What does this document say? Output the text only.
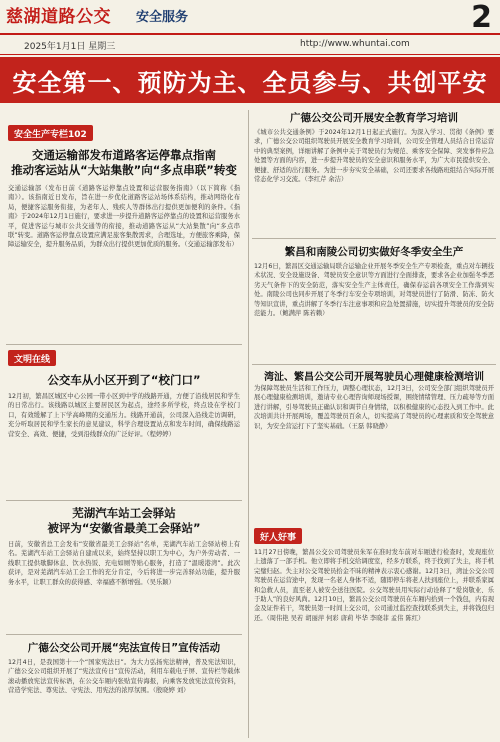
慈湖道路公交 安全服务	2
2025年1月1日 星期三	http://www.whuntai.com
安全第一、预防为主、全员参与、共创平安
安全生产专栏102
交通运输部发布道路客运停靠点指南
推动客运站从“大站集散”向“多点串联”转变
交通运输部（发布日前《道路客运停靠点设置和运营服务指南》（以下简称《指南》）。该指南近日发布，旨在进一步优化道路客运站场体系结构，推动网络化布局，便捷客运服务衔接，为老年人、残疾人等群体出行提供更加便利的条件。《指南》于2024年12月1日施行，要求进一步提升道路客运停靠点的设置和运营服务水平，促进客运与城市公共交通等的衔接，推动道路客运从“大站集散”向“多点串联”转变。道路客运停靠点设置应满足旅客集散需求，合理选址，方便旅客乘降，保障运输安全，提升服务品质，为群众出行提供更加优质的服务。（交通运输部发布）
文明在线
公交车从小区开到了“校门口”
12月初，繁昌区城区中心公园一带小区到中学的线路开通，方便了沿线居民和学生的日常出行。该线路以城区主要居民区为起点，途经多所学校，终点设在学校门口，有效缓解了上下学高峰期的交通压力。线路开通前，公司深入沿线走访调研，充分听取居民和学生家长的意见建议，科学合理设置站点和发车时间，确保线路运营安全、高效、便捷，受到沿线群众的广泛好评。（程婷婷）
芜湖汽车站工会驿站
被评为“安徽省最美工会驿站”
日前，安徽省总工会发布“安徽省最美工会驿站”名单，芜湖汽车站工会驿站榜上有名。芜湖汽车站工会驿站自建成以来，始终坚持以职工为中心，为户外劳动者、一线职工提供歇脚休息、饮水热饭、充电如厕等贴心服务，打造了“温暖港湾”。此次获评，是对芜湖汽车站工会工作的充分肯定，今后将进一步完善驿站功能，提升服务水平，让职工群众的获得感、幸福感不断增强。（吴乐颖）
广德公交公司开展“宪法宣传日”宣传活动
12月4日，是我国第十一个“国家宪法日”。为大力弘扬宪法精神，普及宪法知识，广德公交公司组织开展了“宪法宣传日”宣传活动，利用车载电子屏、宣传栏等载体滚动播放宪法宣传标语，在公交车厢内张贴宣传海报，向乘客发放宪法宣传资料，营造学宪法、尊宪法、守宪法、用宪法的浓厚氛围。（殷晓婷 刘）
广德公交公司开展安全教育学习培训
《城市公共交通条例》于2024年12月1日起正式施行。为深入学习、贯彻《条例》要求，广德公交公司组织驾驶员开展安全教育学习培训，公司安全管理人员结合日常运营中的典型案例，详细讲解了条例中关于驾驶员行为规范、乘客安全保障、突发事件应急处置等方面的内容，进一步提升驾驶员的安全意识和服务水平，为广大市民提供安全、便捷、舒适的出行服务。为进一步夯实安全基础，公司还要求各线路班组结合实际开展常态化学习交流。（李红芹 余洁）
繁昌和南陵公司切实做好冬季安全生产
12月6日，繁昌区交通运输局联合运输企业开展冬季安全生产专项检查，重点对车辆技术状况、安全设施设备、驾驶员安全意识等方面进行全面排查，要求各企业加强冬季恶劣天气条件下的安全防范，落实安全生产主体责任，确保春运前各项安全工作落到实处。南陵公司也同步开展了冬季行车安全专项培训，对驾驶员进行了防滑、防冻、防火等知识宣讲，重点讲解了冬季行车注意事项和应急处置措施，切实提升驾驶员的安全防范能力。（鲍满萍 陈若赖）
湾沚、繁昌公交公司开展驾驶员心理健康检测培训
为保障驾驶员生活和工作压力，调整心理状态，12月3日，公司安全部门组织驾驶员开展心理健康检测培训，邀请专业心理咨询师现场授课，围绕情绪管理、压力疏导等方面进行讲解，引导驾驶员正确认识和调节自身情绪，以积极健康的心态投入到工作中。此次培训共计开展两场，覆盖驾驶员百余人，切实提高了驾驶员的心理素质和安全驾驶意识，为安全营运打下了坚实基础。（王磊 韩晓静）
好人好事
11月27日傍晚，繁昌公交公司驾驶员朱军在准时发车前对车厢进行检查时，发现座位上遗落了一部手机。他立即将手机交给调度室，经多方联系，终于找到了失主，将手机完璧归赵。失主对公交驾驶员拾金不昧的精神表示衷心感谢。12月3日，湾沚公交公司驾驶员在运营途中，发现一名老人身体不适，随即停车将老人扶到座位上，并联系家属和急救人员，直至老人被安全送往医院。公交驾驶员用实际行动诠释了“爱岗敬业、乐于助人”的良好风尚。12月10日，繁昌公交公司驾驶员在车厢内拾到一个钱包，内有现金及证件若干，驾驶员第一时间上交公司，公司通过监控查找联系到失主，并将钱包归还。（周伟艳 吴若 胡丽萍 何彩 唐莉 毕华 李晓菲 孟伟 陈红）
